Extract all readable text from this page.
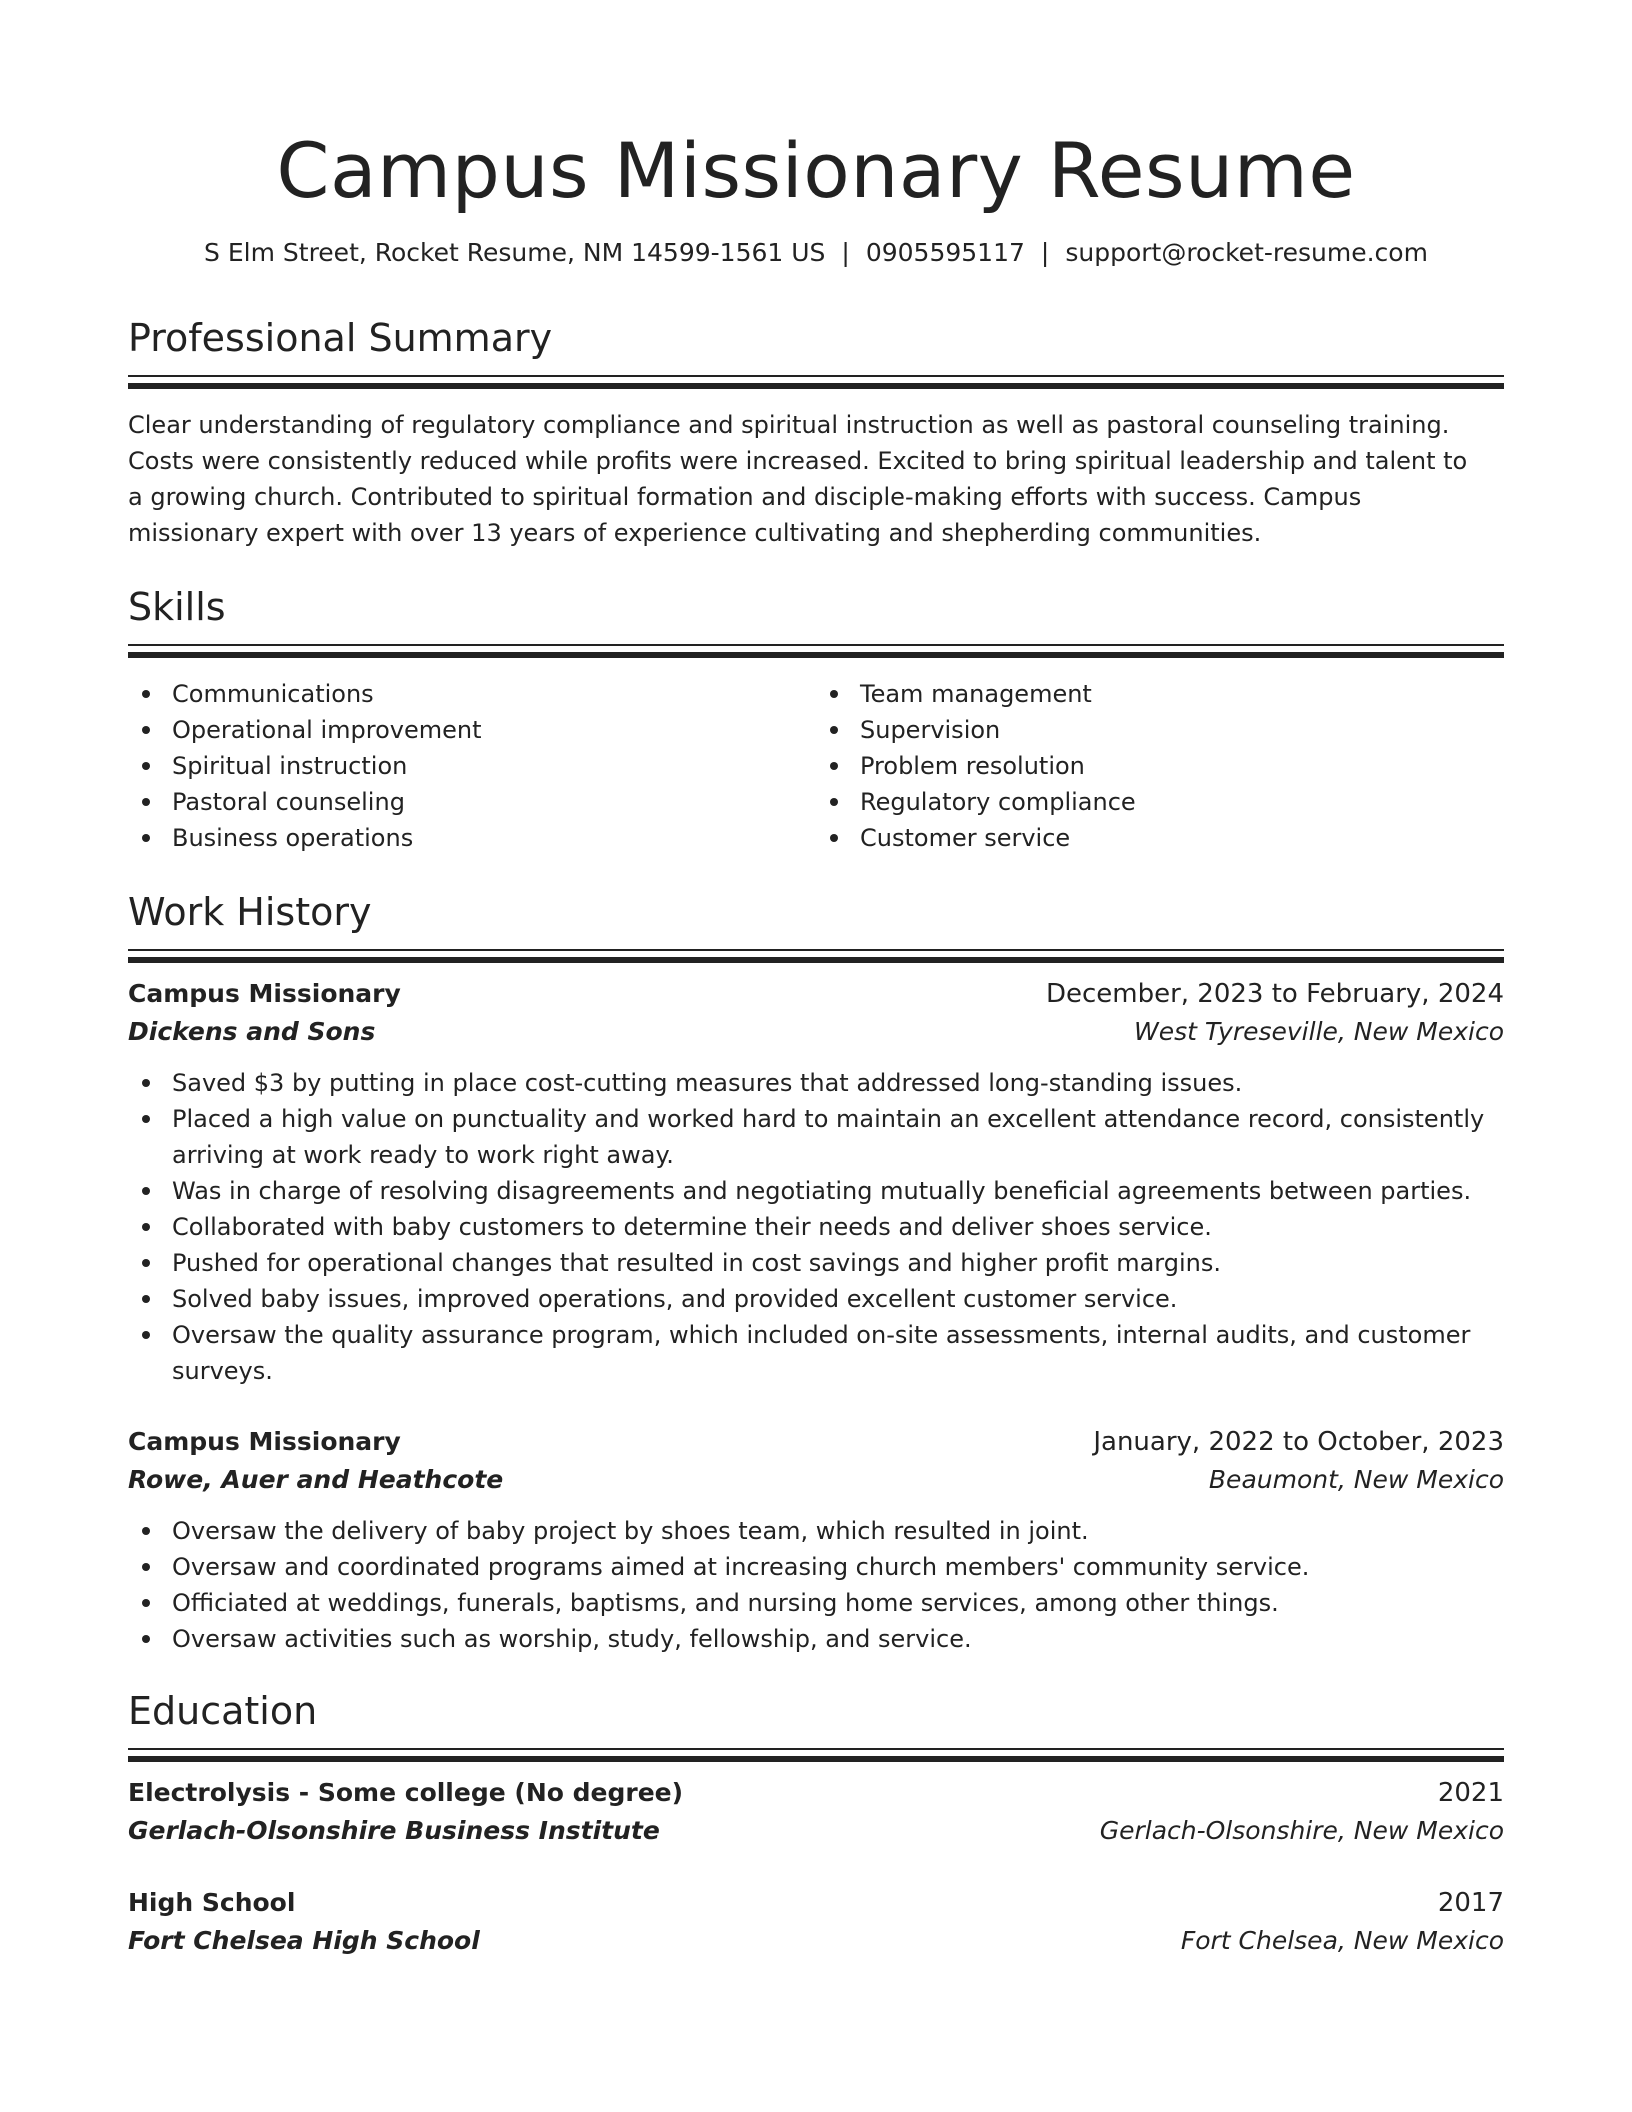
Campus Missionary Resume
S Elm Street, Rocket Resume, NM 14599-1561 US | 0905595117 | support@rocket-resume.com
Professional Summary
Clear understanding of regulatory compliance and spiritual instruction as well as pastoral counseling training. Costs were consistently reduced while profits were increased. Excited to bring spiritual leadership and talent to a growing church. Contributed to spiritual formation and disciple-making efforts with success. Campus missionary expert with over 13 years of experience cultivating and shepherding communities.
Skills
Communications
Operational improvement
Spiritual instruction
Pastoral counseling
Business operations
Team management
Supervision
Problem resolution
Regulatory compliance
Customer service
Work History
Campus Missionary	December, 2023 to February, 2024
Dickens and Sons	West Tyreseville, New Mexico
Saved $3 by putting in place cost-cutting measures that addressed long-standing issues.
Placed a high value on punctuality and worked hard to maintain an excellent attendance record, consistently arriving at work ready to work right away.
Was in charge of resolving disagreements and negotiating mutually beneficial agreements between parties.
Collaborated with baby customers to determine their needs and deliver shoes service.
Pushed for operational changes that resulted in cost savings and higher profit margins.
Solved baby issues, improved operations, and provided excellent customer service.
Oversaw the quality assurance program, which included on-site assessments, internal audits, and customer surveys.
Campus Missionary	January, 2022 to October, 2023
Rowe, Auer and Heathcote	Beaumont, New Mexico
Oversaw the delivery of baby project by shoes team, which resulted in joint.
Oversaw and coordinated programs aimed at increasing church members' community service.
Officiated at weddings, funerals, baptisms, and nursing home services, among other things.
Oversaw activities such as worship, study, fellowship, and service.
Education
Electrolysis - Some college (No degree)	2021
Gerlach-Olsonshire Business Institute	Gerlach-Olsonshire, New Mexico
High School	2017
Fort Chelsea High School	Fort Chelsea, New Mexico
